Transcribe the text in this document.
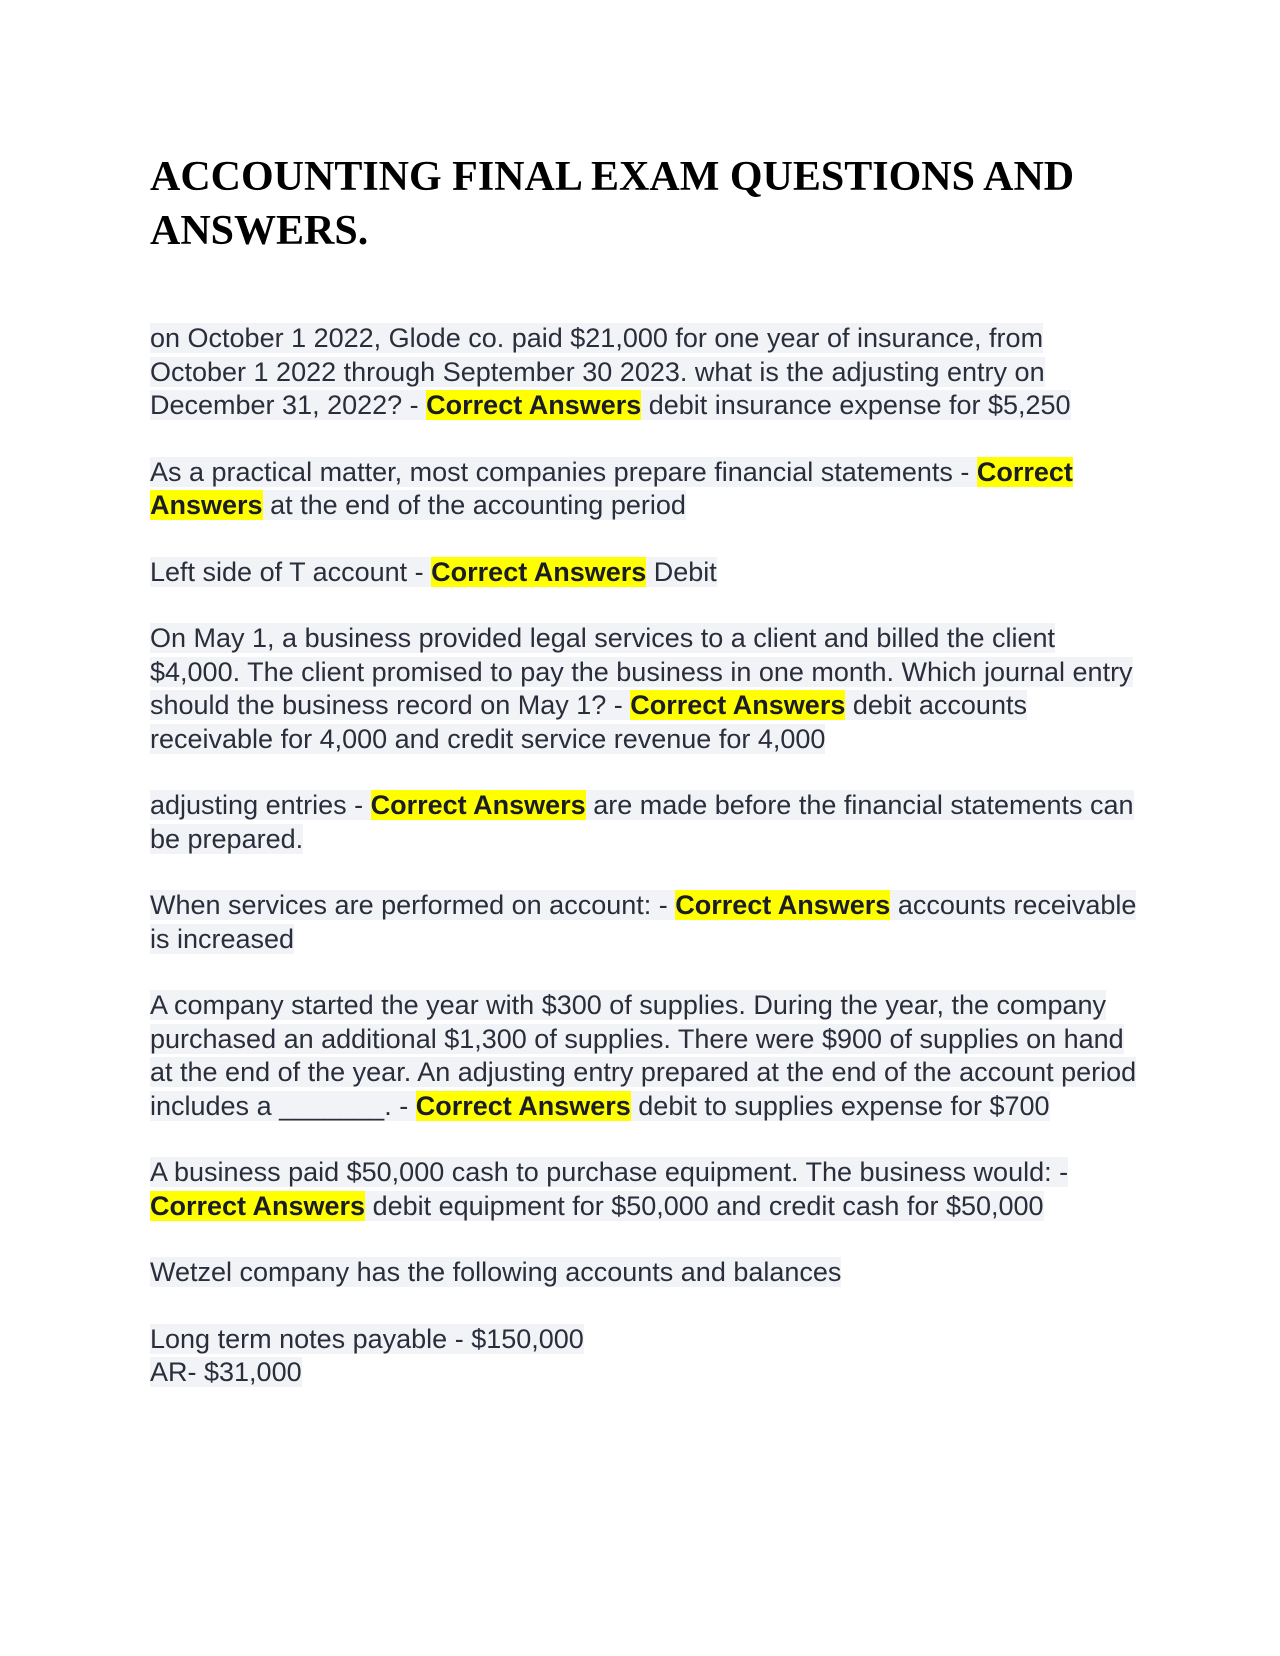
ACCOUNTING FINAL EXAM QUESTIONS AND ANSWERS.

on October 1 2022, Glode co. paid $21,000 for one year of insurance, from October 1 2022 through September 30 2023. what is the adjusting entry on December 31, 2022? - Correct Answers debit insurance expense for $5,250

As a practical matter, most companies prepare financial statements - Correct Answers at the end of the accounting period

Left side of T account - Correct Answers Debit

On May 1, a business provided legal services to a client and billed the client $4,000. The client promised to pay the business in one month. Which journal entry should the business record on May 1? - Correct Answers debit accounts receivable for 4,000 and credit service revenue for 4,000

adjusting entries - Correct Answers are made before the financial statements can be prepared.

When services are performed on account: - Correct Answers accounts receivable is increased

A company started the year with $300 of supplies. During the year, the company purchased an additional $1,300 of supplies. There were $900 of supplies on hand at the end of the year. An adjusting entry prepared at the end of the account period includes a _______. - Correct Answers debit to supplies expense for $700

A business paid $50,000 cash to purchase equipment. The business would: - Correct Answers debit equipment for $50,000 and credit cash for $50,000

Wetzel company has the following accounts and balances

Long term notes payable - $150,000

AR- $31,000
